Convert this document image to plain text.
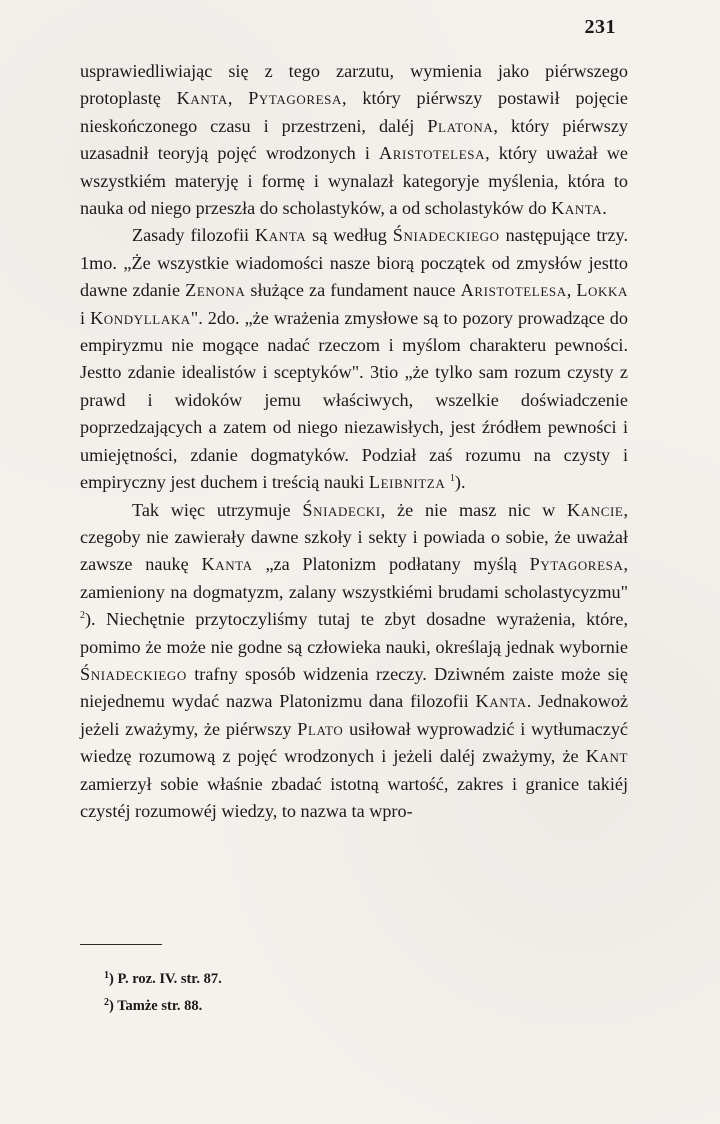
231

usprawiedliwiając się z tego zarzutu, wymienia jako piérwszego protoplastę Kanta, Pytagoresa, który piérwszy postawił pojęcie nieskończonego czasu i przestrzeni, daléj Platona, który piérwszy uzasadnił teoryją pojęć wrodzonych i Aristotelesa, który uważał we wszystkiém materyję i formę i wynalazł kategoryje myślenia, która to nauka od niego przeszła do scholastyków, a od scholastyków do Kanta.

Zasady filozofii Kanta są według Śniadeckiego następujące trzy. 1mo. „Że wszystkie wiadomości nasze biorą początek od zmysłów jestto dawne zdanie Zenona służące za fundament nauce Aristotelesa, Lokka i Kondyllaka". 2do. „że wrażenia zmysłowe są to pozory prowadzące do empiryzmu nie mogące nadać rzeczom i myślom charakteru pewności. Jestto zdanie idealistów i sceptyków". 3tio „że tylko sam rozum czysty z prawd i widoków jemu właściwych, wszelkie doświadczenie poprzedzających a zatem od niego niezawisłych, jest źródłem pewności i umiejętności, zdanie dogmatyków. Podział zaś rozumu na czysty i empiryczny jest duchem i treścią nauki Leibnitza $^1$).

Tak więc utrzymuje Śniadecki, że nie masz nic w Kancie, czegoby nie zawierały dawne szkoły i sekty i powiada o sobie, że uważał zawsze naukę Kanta „za Platonizm podłatany myślą Pytagoresa, zamieniony na dogmatyzm, zalany wszystkiémi brudami scholastycyzmu" $^2$). Niechętnie przytoczyliśmy tutaj te zbyt dosadne wyrażenia, które, pomimo że może nie godne są człowieka nauki, określają jednak wybornie Śniadeckiego trafny sposób widzenia rzeczy. Dziwném zaiste może się niejednemu wydać nazwa Platonizmu dana filozofii Kanta. Jednakowoż jeżeli zważymy, że piérwszy Plato usiłował wyprowadzić i wytłumaczyć wiedzę rozumową z pojęć wrodzonych i jeżeli daléj zważymy, że Kant zamierzył sobie właśnie zbadać istotną wartość, zakres i granice takiéj czystéj rozumowéj wiedzy, to nazwa ta wpro-

$^1$) P. roz. IV. str. 87.
$^2$) Tamże str. 88.
